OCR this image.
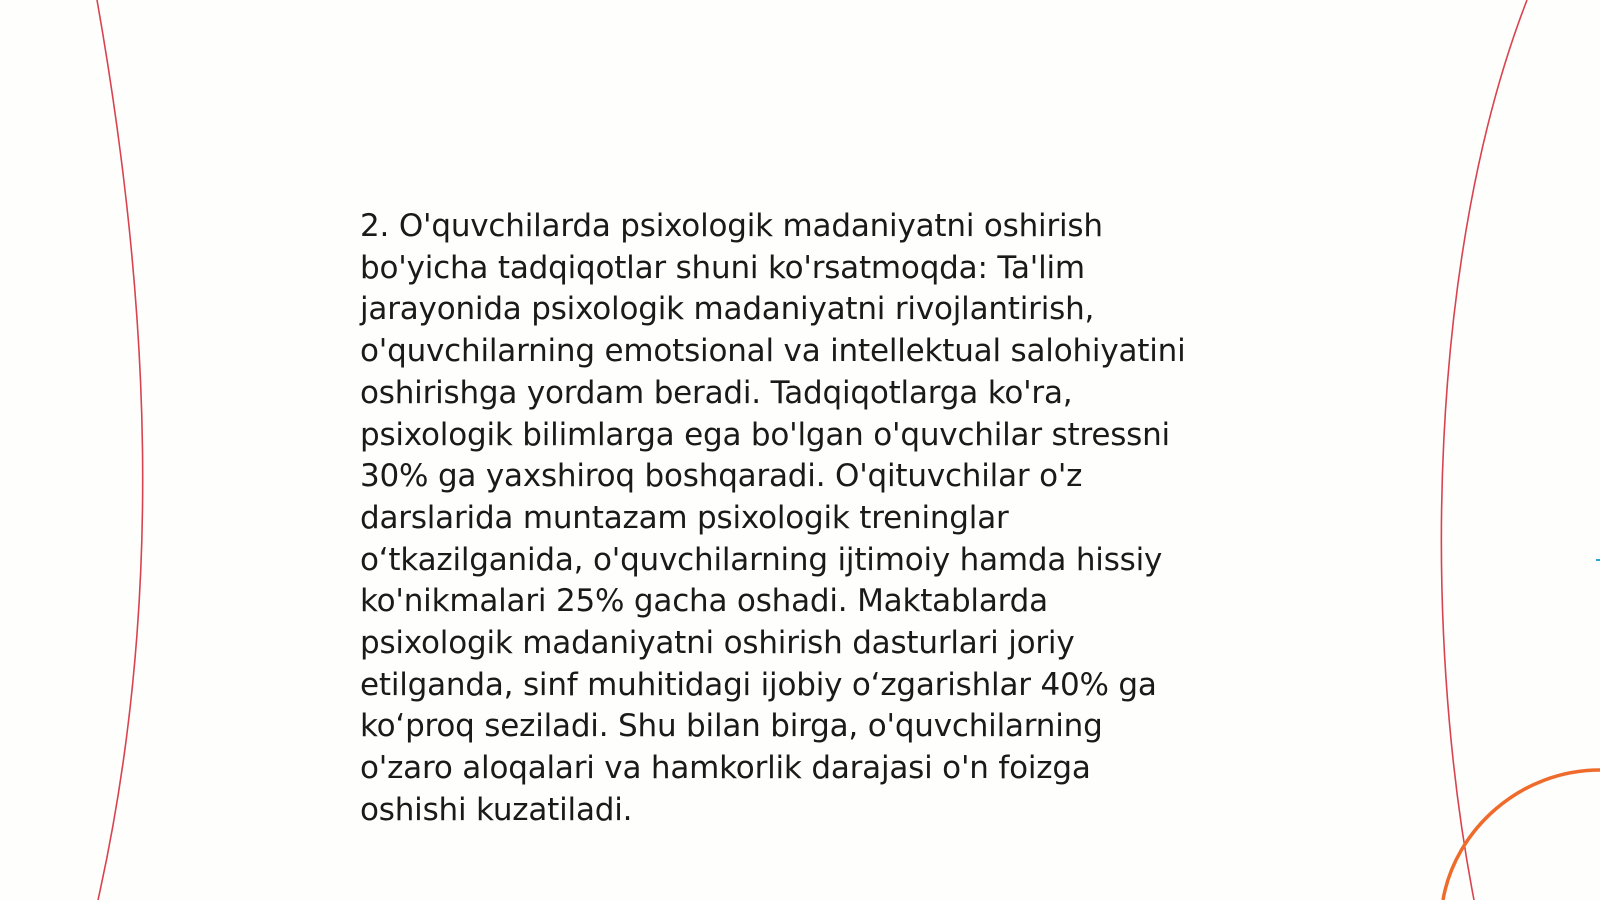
2. O'quvchilarda psixologik madaniyatni oshirish
bo'yicha tadqiqotlar shuni ko'rsatmoqda: Ta'lim
jarayonida psixologik madaniyatni rivojlantirish,
o'quvchilarning emotsional va intellektual salohiyatini
oshirishga yordam beradi. Tadqiqotlarga ko'ra,
psixologik bilimlarga ega bo'lgan o'quvchilar stressni
30% ga yaxshiroq boshqaradi. O'qituvchilar o'z
darslarida muntazam psixologik treninglar
oʻtkazilganida, o'quvchilarning ijtimoiy hamda hissiy
ko'nikmalari 25% gacha oshadi. Maktablarda
psixologik madaniyatni oshirish dasturlari joriy
etilganda, sinf muhitidagi ijobiy oʻzgarishlar 40% ga
koʻproq seziladi. Shu bilan birga, o'quvchilarning
o'zaro aloqalari va hamkorlik darajasi o'n foizga
oshishi kuzatiladi.
